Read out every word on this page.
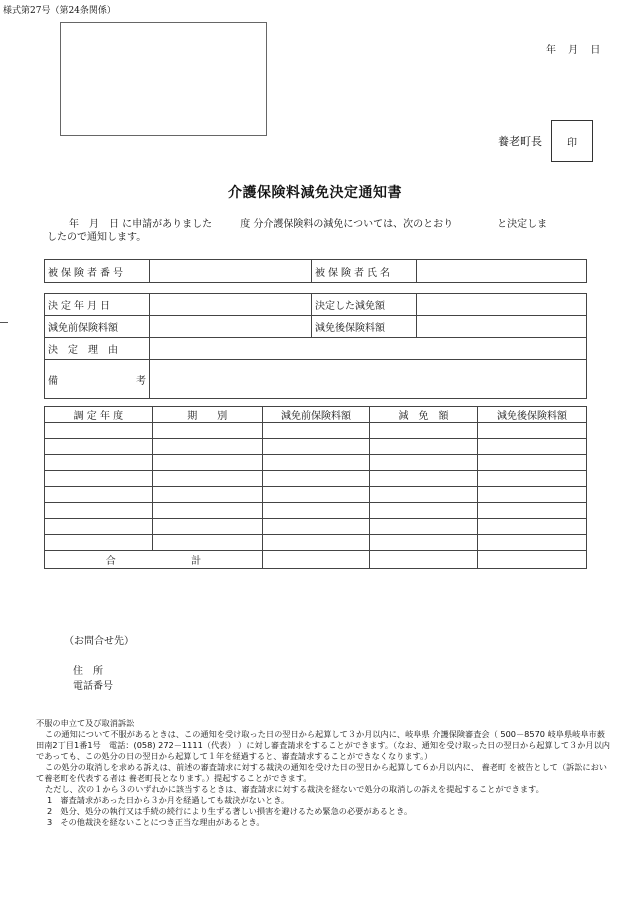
様式第27号（第24条関係）
年 月 日
養老町長	印
介護保険料減免決定通知書
年　月　日 に申請がありました	度 分介護保険料の減免については、次のとおり	と決定しま
したので通知します。
被保険者番号		被保険者氏名	
決定年月日		決定した減免額	
減免前保険料額		減免後保険料額	
決　定　理　由			

備 考			

調 定 年 度	期　　別	減免前保険料額	減　免　額	減免後保険料額

合 計				

（お問合せ先）
住所
電話番号

不服の申立て及び取消訴訟

この通知について不服があるときは、この通知を受け取った日の翌日から起算して３か月以内に、岐阜県 介護保険審査会（ 500－8570 岐阜県岐阜市薮田南2丁目1番1号　電話：(058) 272－1111（代表） ）に対し審査請求をすることができます。（なお、通知を受け取った日の翌日から起算して３か月以内であっても、この処分の日の翌日から起算して１年を経過すると、審査請求することができなくなります。）

この処分の取消しを求める訴えは、前述の審査請求に対する裁決の通知を受けた日の翌日から起算して６か月以内に、 養老町 を被告として（訴訟において養老町を代表する者は 養老町長となります。）提起することができます。

ただし、次の１から３のいずれかに該当するときは、審査請求に対する裁決を経ないで処分の取消しの訴えを提起することができます。

1　審査請求があった日から３か月を経過しても裁決がないとき。

2　処分、処分の執行又は手続の続行により生ずる著しい損害を避けるため緊急の必要があるとき。

3　その他裁決を経ないことにつき正当な理由があるとき。
